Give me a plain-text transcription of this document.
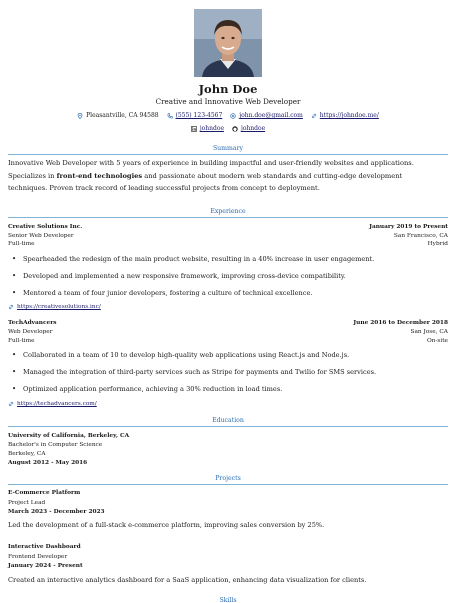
John Doe
Creative and Innovative Web Developer
Pleasantville, CA 94588
	(555) 123-4567
	john.doe@gmail.com
	https://johndoe.me/
johndoe
	johndoe
Summary
Innovative Web Developer with 5 years of experience in building impactful and user-friendly websites and applications.
Specializes in front-end technologies and passionate about modern web standards and cutting-edge development
techniques. Proven track record of leading successful projects from concept to deployment.
Experience
Creative Solutions Inc.	January 2019 to Present
Senior Web Developer	San Francisco, CA
Full-time	Hybrid
• Spearheaded the redesign of the main product website, resulting in a 40% increase in user engagement.
• Developed and implemented a new responsive framework, improving cross-device compatibility.
• Mentored a team of four junior developers, fostering a culture of technical excellence.
https://creativesolutions.inc/
TechAdvancers	June 2016 to December 2018
Web Developer	San Jose, CA
Full-time	On-site
• Collaborated in a team of 10 to develop high-quality web applications using React.js and Node.js.
• Managed the integration of third-party services such as Stripe for payments and Twilio for SMS services.
• Optimized application performance, achieving a 30% reduction in load times.
https://techadvancers.com/
Education
University of California, Berkeley, CA
Bachelor's in Computer Science
Berkeley, CA
August 2012 - May 2016
Projects
E-Commerce Platform
Project Lead
March 2023 - December 2023
Led the development of a full-stack e-commerce platform, improving sales conversion by 25%.
Interactive Dashboard
Frontend Developer
January 2024 - Present
Created an interactive analytics dashboard for a SaaS application, enhancing data visualization for clients.
Skills
